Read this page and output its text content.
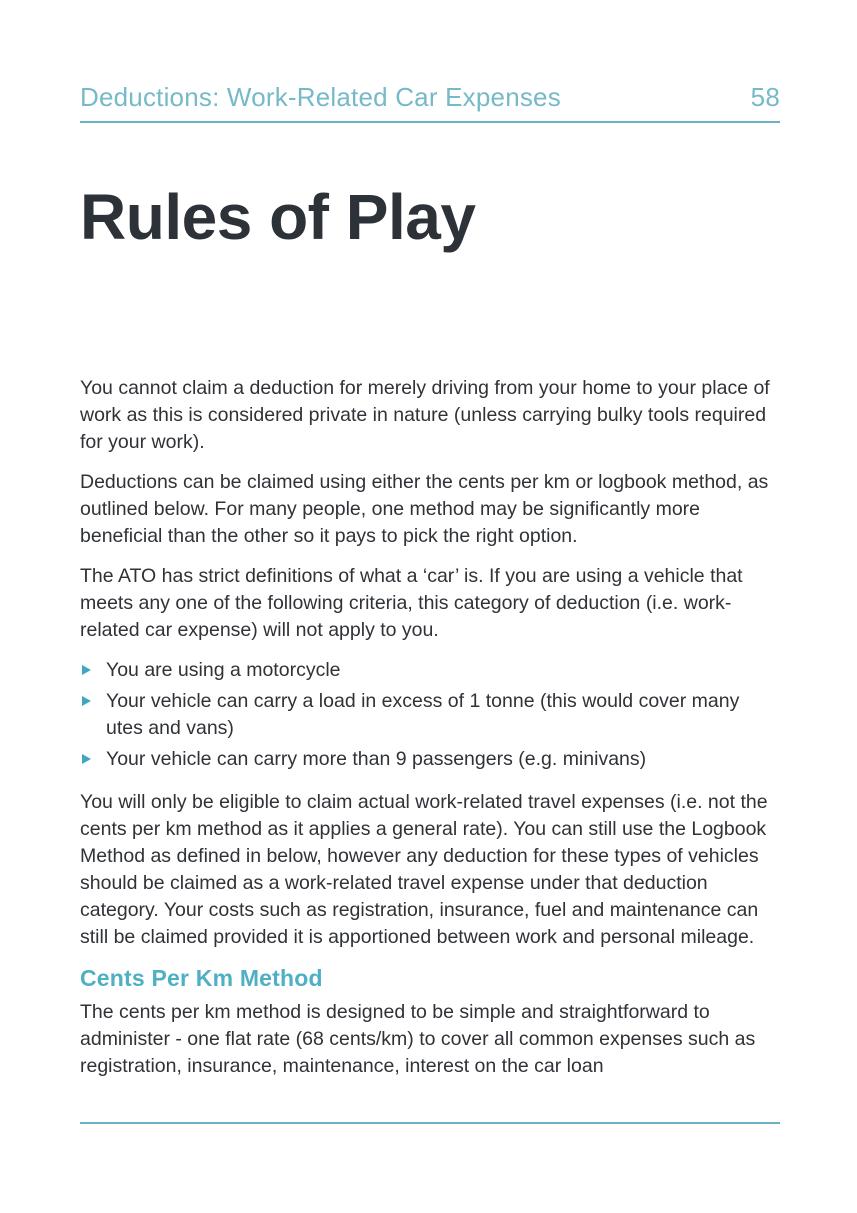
Deductions: Work-Related Car Expenses	58
Rules of Play

You cannot claim a deduction for merely driving from your home to your place of work as this is considered private in nature (unless carrying bulky tools required for your work).

Deductions can be claimed using either the cents per km or logbook method, as outlined below. For many people, one method may be significantly more beneficial than the other so it pays to pick the right option.

The ATO has strict definitions of what a ‘car’ is. If you are using a vehicle that meets any one of the following criteria, this category of deduction (i.e. work-related car expense) will not apply to you.

You are using a motorcycle
Your vehicle can carry a load in excess of 1 tonne (this would cover many utes and vans)
Your vehicle can carry more than 9 passengers (e.g. minivans)

You will only be eligible to claim actual work-related travel expenses (i.e. not the cents per km method as it applies a general rate). You can still use the Logbook Method as defined in below, however any deduction for these types of vehicles should be claimed as a work-related travel expense under that deduction category. Your costs such as registration, insurance, fuel and maintenance can still be claimed provided it is apportioned between work and personal mileage.

Cents Per Km Method

The cents per km method is designed to be simple and straightforward to administer - one flat rate (68 cents/km) to cover all common expenses such as registration, insurance, maintenance, interest on the car loan
